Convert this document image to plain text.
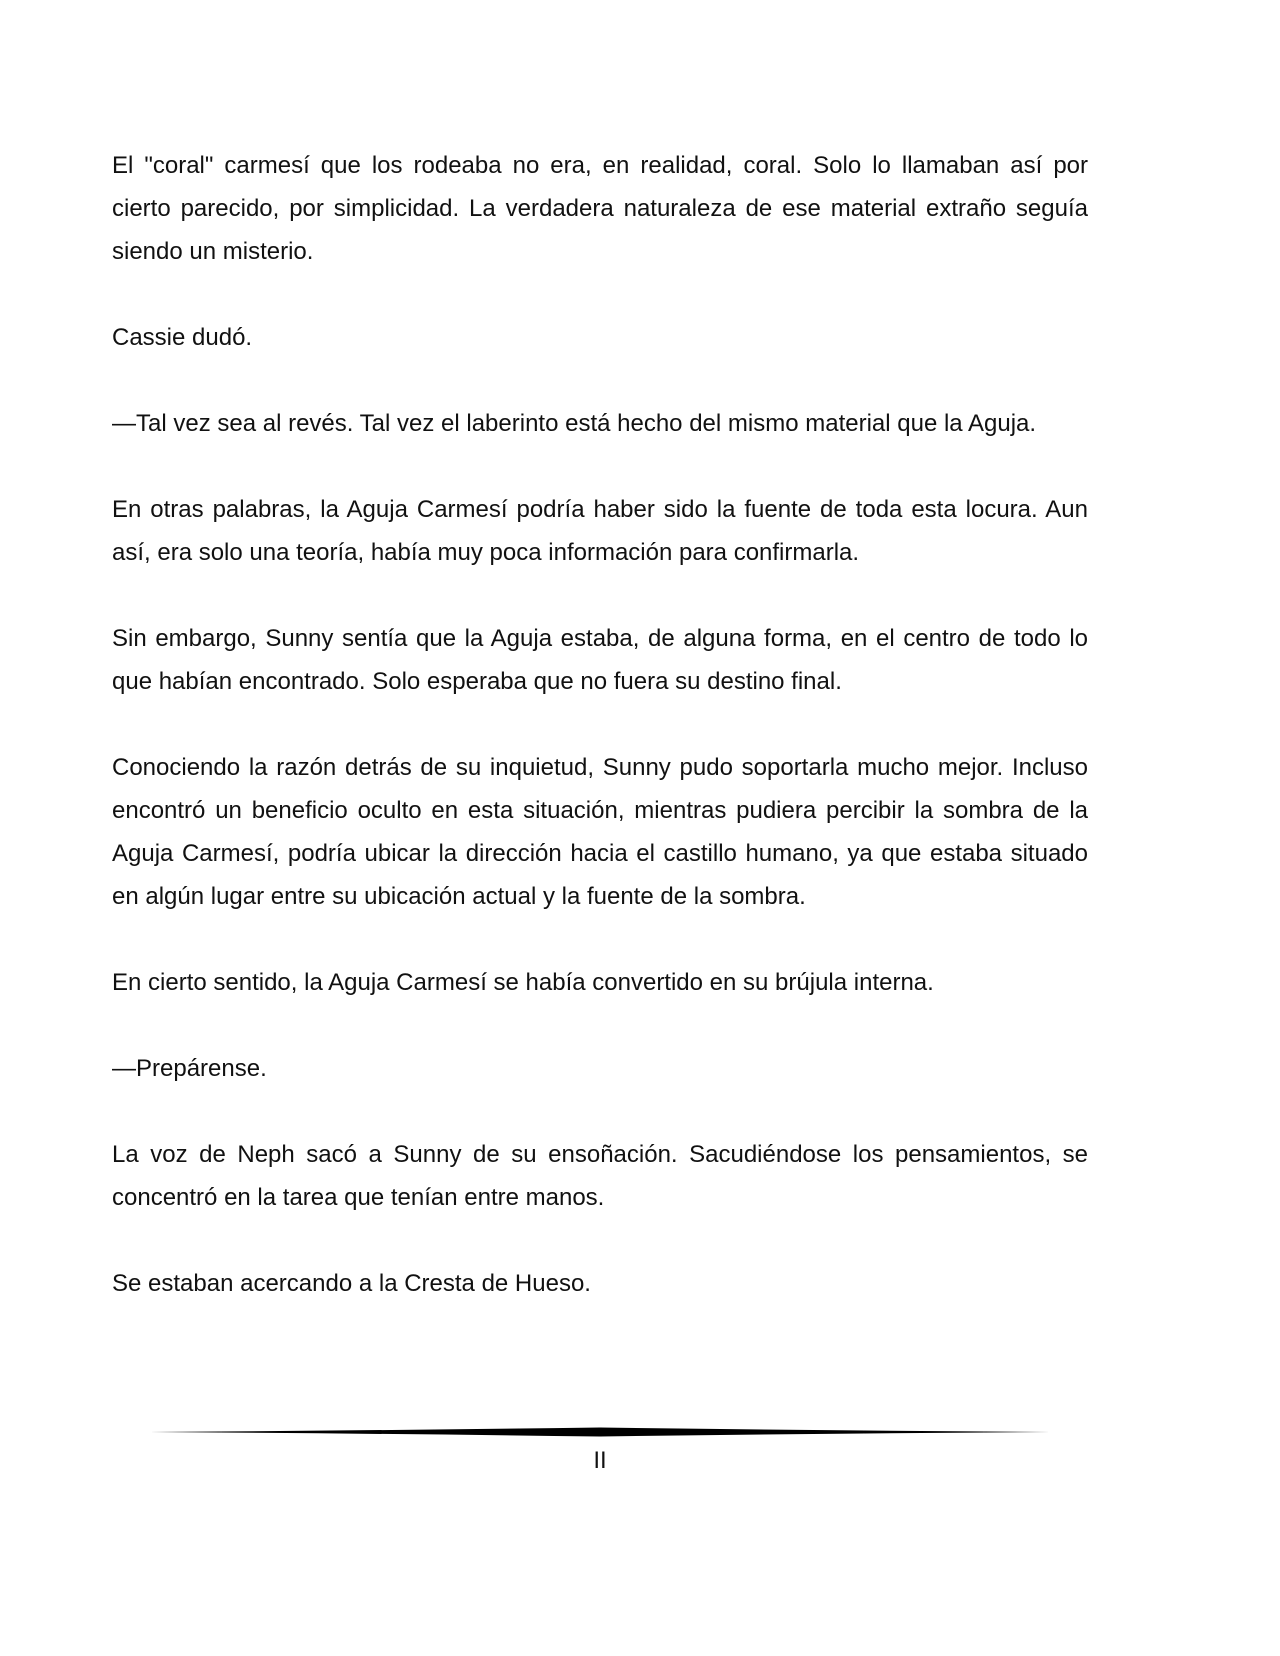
El "coral" carmesí que los rodeaba no era, en realidad, coral. Solo lo llamaban así por cierto parecido, por simplicidad. La verdadera naturaleza de ese material extraño seguía siendo un misterio.

Cassie dudó.

—Tal vez sea al revés. Tal vez el laberinto está hecho del mismo material que la Aguja.

En otras palabras, la Aguja Carmesí podría haber sido la fuente de toda esta locura. Aun así, era solo una teoría, había muy poca información para confirmarla.

Sin embargo, Sunny sentía que la Aguja estaba, de alguna forma, en el centro de todo lo que habían encontrado. Solo esperaba que no fuera su destino final.

Conociendo la razón detrás de su inquietud, Sunny pudo soportarla mucho mejor. Incluso encontró un beneficio oculto en esta situación, mientras pudiera percibir la sombra de la Aguja Carmesí, podría ubicar la dirección hacia el castillo humano, ya que estaba situado en algún lugar entre su ubicación actual y la fuente de la sombra.

En cierto sentido, la Aguja Carmesí se había convertido en su brújula interna.

—Prepárense.

La voz de Neph sacó a Sunny de su ensoñación. Sacudiéndose los pensamientos, se concentró en la tarea que tenían entre manos.

Se estaban acercando a la Cresta de Hueso.

II
